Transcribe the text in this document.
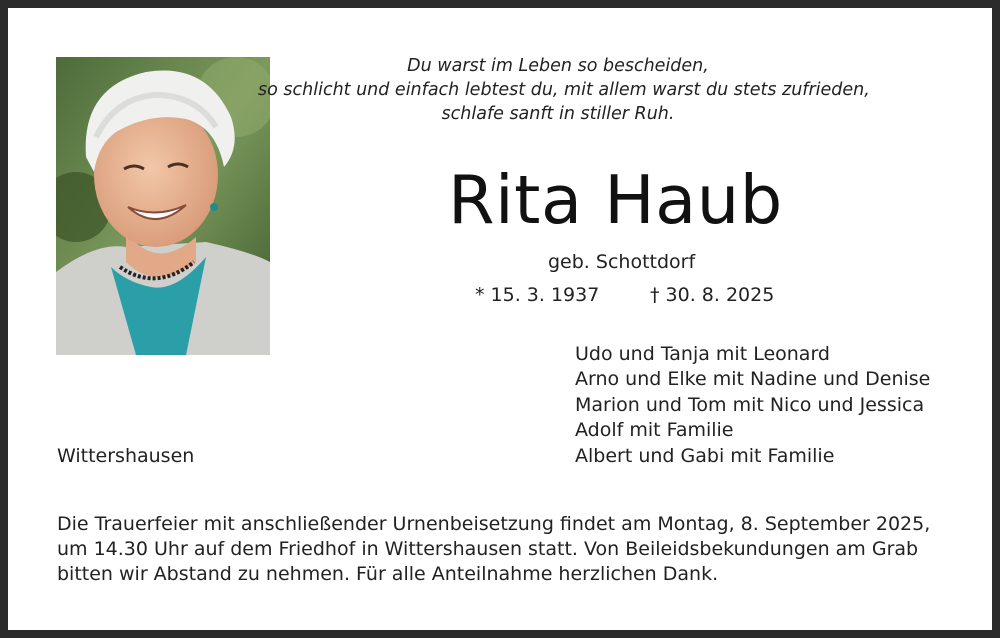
Du warst im Leben so bescheiden,
so schlicht und einfach lebtest du, mit allem warst du stets zufrieden,
schlafe sanft in stiller Ruh.
Rita Haub
geb. Schottdorf
* 15. 3. 1937	† 30. 8. 2025
Udo und Tanja mit Leonard
Arno und Elke mit Nadine und Denise
Marion und Tom mit Nico und Jessica
Adolf mit Familie
Albert und Gabi mit Familie
Wittershausen
Die Trauerfeier mit anschließender Urnenbeisetzung findet am Montag, 8. September 2025,
um 14.30 Uhr auf dem Friedhof in Wittershausen statt. Von Beileidsbekundungen am Grab
bitten wir Abstand zu nehmen. Für alle Anteilnahme herzlichen Dank.
